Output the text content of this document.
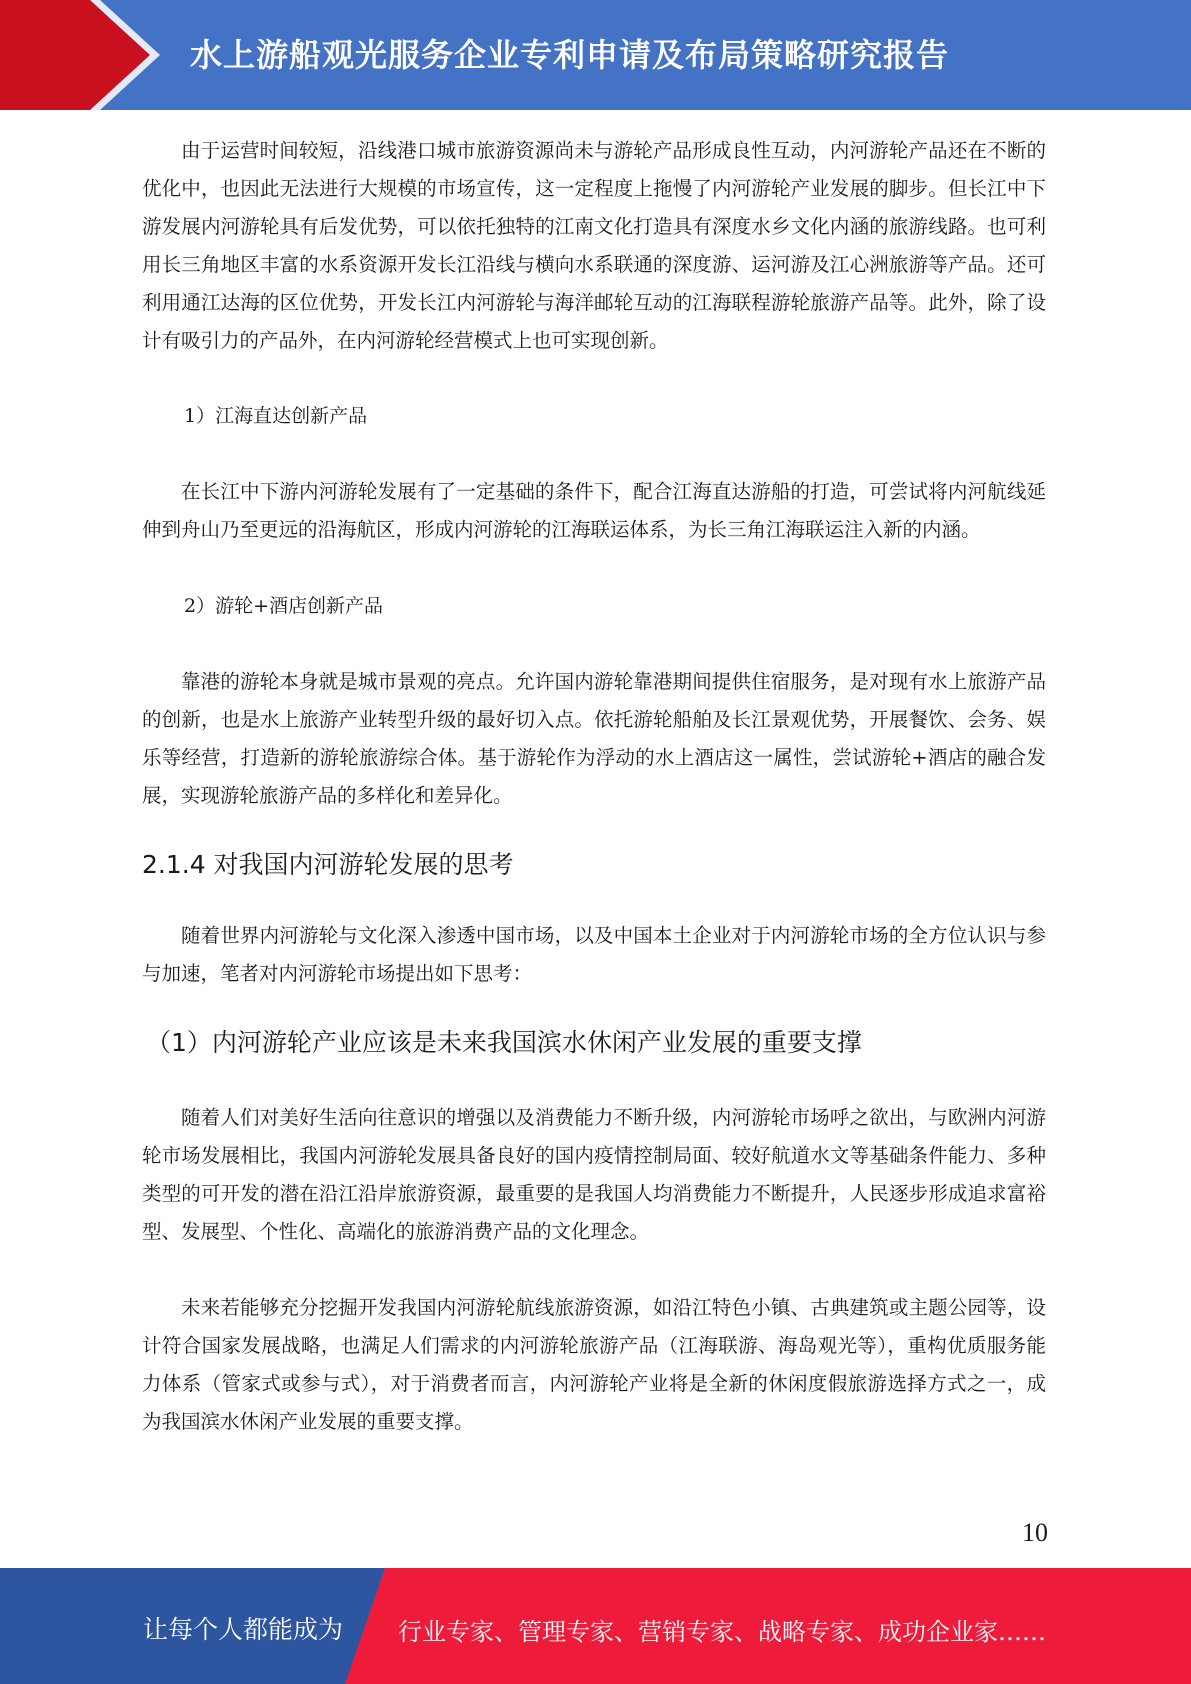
水上游船观光服务企业专利申请及布局策略研究报告

由于运营时间较短，沿线港口城市旅游资源尚未与游轮产品形成良性互动，内河游轮产品还在不断的优化中，也因此无法进行大规模的市场宣传，这一定程度上拖慢了内河游轮产业发展的脚步。但长江中下游发展内河游轮具有后发优势，可以依托独特的江南文化打造具有深度水乡文化内涵的旅游线路。也可利用长三角地区丰富的水系资源开发长江沿线与横向水系联通的深度游、运河游及江心洲旅游等产品。还可利用通江达海的区位优势，开发长江内河游轮与海洋邮轮互动的江海联程游轮旅游产品等。此外，除了设计有吸引力的产品外，在内河游轮经营模式上也可实现创新。

1）江海直达创新产品

在长江中下游内河游轮发展有了一定基础的条件下，配合江海直达游船的打造，可尝试将内河航线延伸到舟山乃至更远的沿海航区，形成内河游轮的江海联运体系，为长三角江海联运注入新的内涵。

2）游轮+酒店创新产品

靠港的游轮本身就是城市景观的亮点。允许国内游轮靠港期间提供住宿服务，是对现有水上旅游产品的创新，也是水上旅游产业转型升级的最好切入点。依托游轮船舶及长江景观优势，开展餐饮、会务、娱乐等经营，打造新的游轮旅游综合体。基于游轮作为浮动的水上酒店这一属性，尝试游轮+酒店的融合发展，实现游轮旅游产品的多样化和差异化。

2.1.4 对我国内河游轮发展的思考

随着世界内河游轮与文化深入渗透中国市场，以及中国本土企业对于内河游轮市场的全方位认识与参与加速，笔者对内河游轮市场提出如下思考：

（1）内河游轮产业应该是未来我国滨水休闲产业发展的重要支撑

随着人们对美好生活向往意识的增强以及消费能力不断升级，内河游轮市场呼之欲出，与欧洲内河游轮市场发展相比，我国内河游轮发展具备良好的国内疫情控制局面、较好航道水文等基础条件能力、多种类型的可开发的潜在沿江沿岸旅游资源，最重要的是我国人均消费能力不断提升，人民逐步形成追求富裕型、发展型、个性化、高端化的旅游消费产品的文化理念。

未来若能够充分挖掘开发我国内河游轮航线旅游资源，如沿江特色小镇、古典建筑或主题公园等，设计符合国家发展战略，也满足人们需求的内河游轮旅游产品（江海联游、海岛观光等），重构优质服务能力体系（管家式或参与式），对于消费者而言，内河游轮产业将是全新的休闲度假旅游选择方式之一，成为我国滨水休闲产业发展的重要支撑。

10
让每个人都能成为 行业专家、管理专家、营销专家、战略专家、成功企业家……
